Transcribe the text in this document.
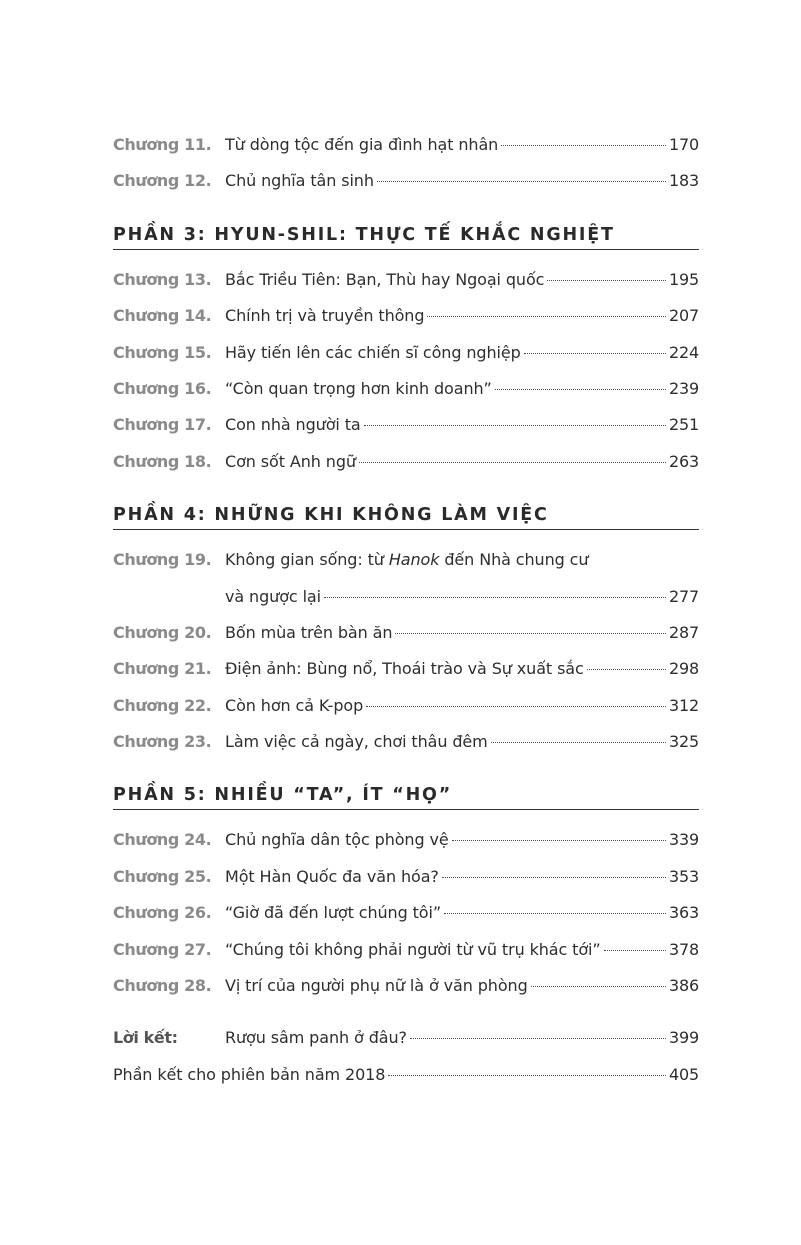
Chương 11. Từ dòng tộc đến gia đình hạt nhân	170
Chương 12. Chủ nghĩa tân sinh	183
PHẦN 3: HYUN-SHIL: THỰC TẾ KHẮC NGHIỆT
Chương 13. Bắc Triều Tiên: Bạn, Thù hay Ngoại quốc	195
Chương 14. Chính trị và truyền thông	207
Chương 15. Hãy tiến lên các chiến sĩ công nghiệp	224
Chương 16. “Còn quan trọng hơn kinh doanh”	239
Chương 17. Con nhà người ta	251
Chương 18. Cơn sốt Anh ngữ	263
PHẦN 4: NHỮNG KHI KHÔNG LÀM VIỆC
Chương 19. Không gian sống: từ Hanok đến Nhà chung cư
và ngược lại	277
Chương 20. Bốn mùa trên bàn ăn	287
Chương 21. Điện ảnh: Bùng nổ, Thoái trào và Sự xuất sắc	298
Chương 22. Còn hơn cả K-pop	312
Chương 23. Làm việc cả ngày, chơi thâu đêm	325
PHẦN 5: NHIỀU “TA”, ÍT “HỌ”
Chương 24. Chủ nghĩa dân tộc phòng vệ	339
Chương 25. Một Hàn Quốc đa văn hóa?	353
Chương 26. “Giờ đã đến lượt chúng tôi”	363
Chương 27. “Chúng tôi không phải người từ vũ trụ khác tới”	378
Chương 28. Vị trí của người phụ nữ là ở văn phòng	386
Lời kết:	Rượu sâm panh ở đâu?	399
Phần kết cho phiên bản năm 2018	405
